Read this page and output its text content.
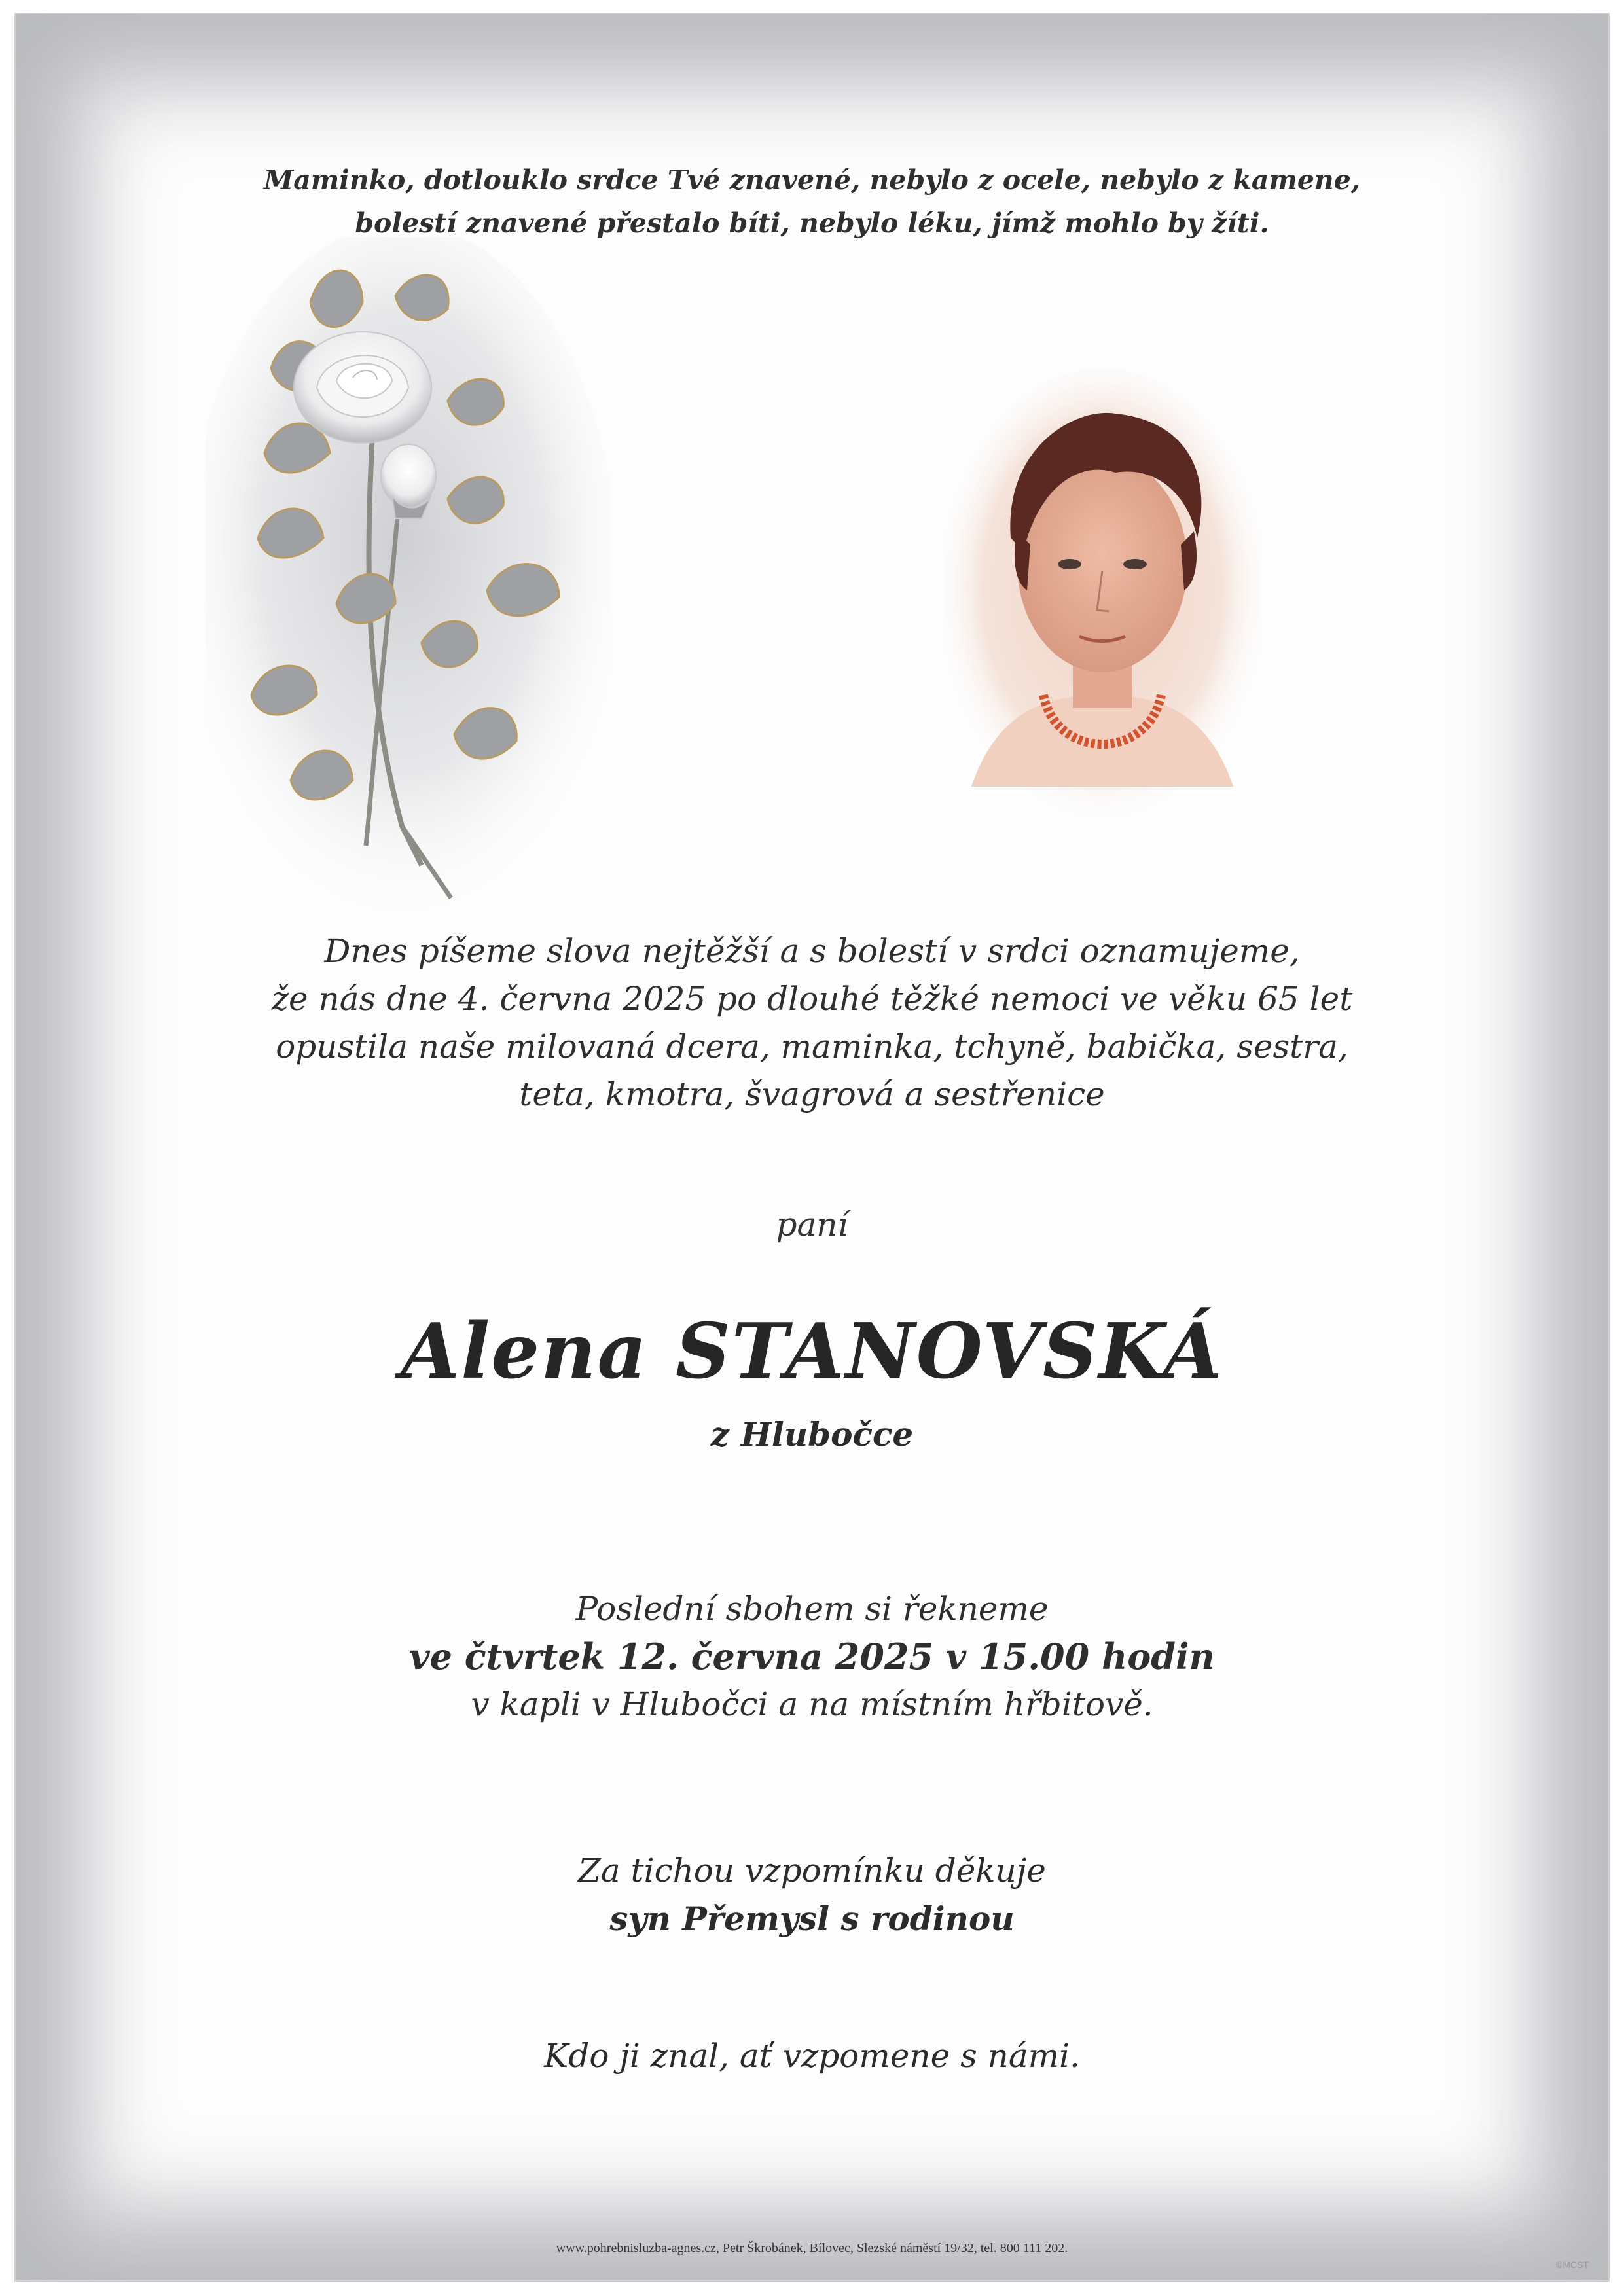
Maminko, dotlouklo srdce Tvé znavené, nebylo z ocele, nebylo z kamene,
bolestí znavené přestalo bíti, nebylo léku, jímž mohlo by žíti.
Dnes píšeme slova nejtěžší a s bolestí v srdci oznamujeme,
že nás dne 4. června 2025 po dlouhé těžké nemoci ve věku 65 let
opustila naše milovaná dcera, maminka, tchyně, babička, sestra,
teta, kmotra, švagrová a sestřenice
paní
Alena STANOVSKÁ
z Hlubočce
Poslední sbohem si řekneme
ve čtvrtek 12. června 2025 v 15.00 hodin
v kapli v Hlubočci a na místním hřbitově.
Za tichou vzpomínku děkuje
syn Přemysl s rodinou
Kdo ji znal, ať vzpomene s námi.
www.pohrebnisluzba-agnes.cz, Petr Škrobánek, Bílovec, Slezské náměstí 19/32, tel. 800 111 202.
©MCST
